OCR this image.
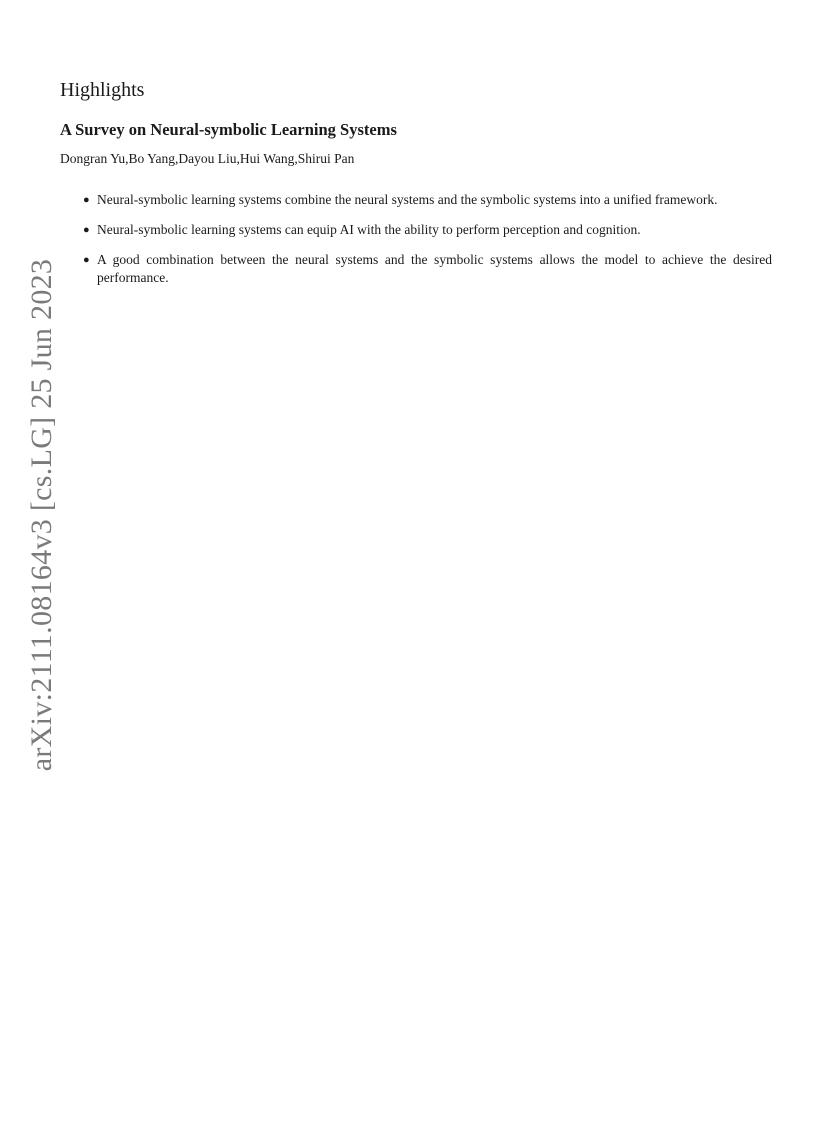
arXiv:2111.08164v3 [cs.LG] 25 Jun 2023
Highlights
A Survey on Neural-symbolic Learning Systems

Dongran Yu,Bo Yang,Dayou Liu,Hui Wang,Shirui Pan

● Neural-symbolic learning systems combine the neural systems and the symbolic systems into a unified framework.
● Neural-symbolic learning systems can equip AI with the ability to perform perception and cognition.
● A good combination between the neural systems and the symbolic systems allows the model to achieve the desired performance.
